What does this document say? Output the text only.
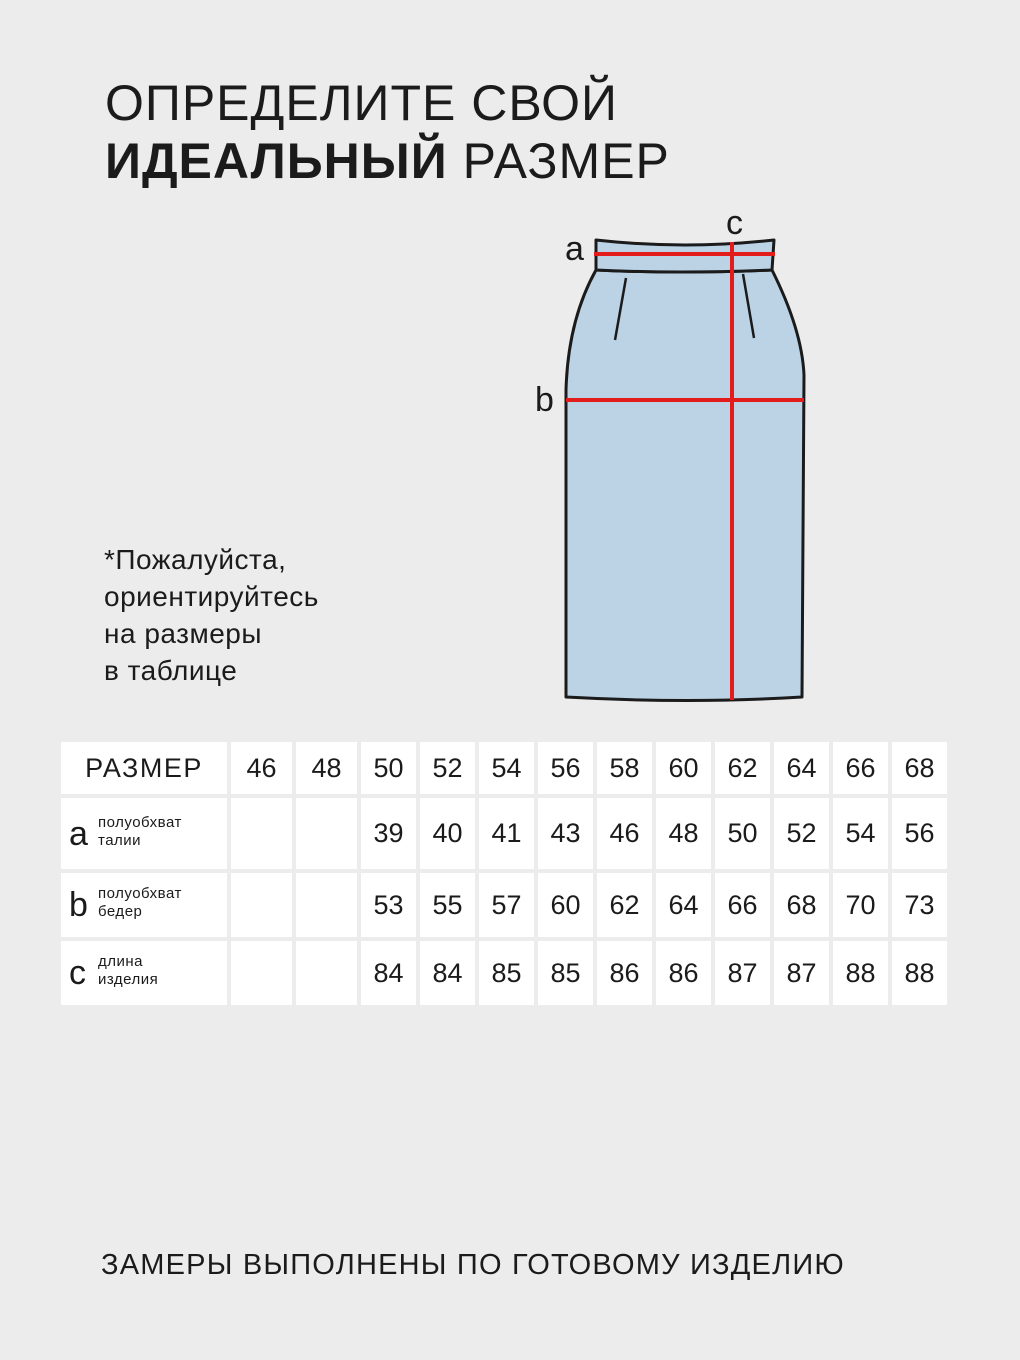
ОПРЕДЕЛИТЕ СВОЙ
ИДЕАЛЬНЫЙ РАЗМЕР
a
b
c
*Пожалуйста,
ориентируйтесь
на размеры
в таблице
РАЗМЕР	46	48	50	52	54	56	58	60	62	64	66	68

a полуобхват
талии			39	40	41	43	46	48	50	52	54	56

b полуобхват
бедер			53	55	57	60	62	64	66	68	70	73

c длина
изделия			84	84	85	85	86	86	87	87	88	88
ЗАМЕРЫ ВЫПОЛНЕНЫ ПО ГОТОВОМУ ИЗДЕЛИЮ
